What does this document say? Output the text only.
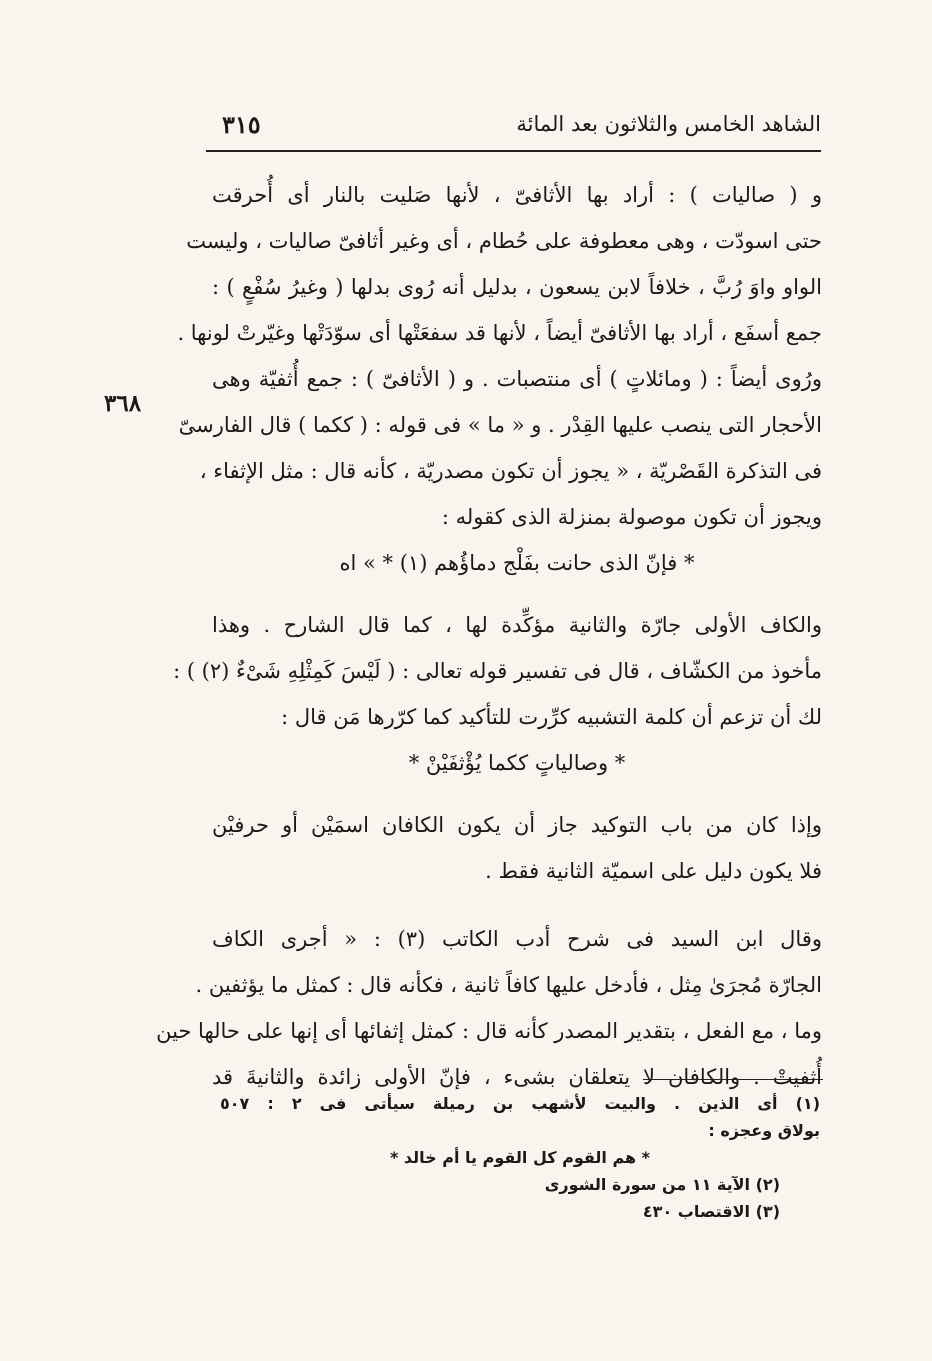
الشاهد الخامس والثلاثون بعد المائة
٣١٥
٣٦٨
و ( صاليات ) : أراد بها الأثافىّ ، لأنها صَليت بالنار أى أُحرقت
حتى اسودّت ، وهى معطوفة على حُطام ، أى وغير أثافىّ صاليات ، وليست
الواو واوَ رُبَّ ، خلافاً لابن يسعون ، بدليل أنه رُوى بدلها ( وغيرُ سُفْعٍ ) :
جمع أسفَع ، أراد بها الأثافىّ أيضاً ، لأنها قد سفعَتْها أى سوّدَتْها وغيّرتْ لونها .
ورُوى أيضاً : ( ومائلاتٍ ) أى منتصبات . و ( الأثافىّ ) : جمع أُثفيّة وهى
الأحجار التى ينصب عليها القِدْر . و « ما » فى قوله : ( ككما ) قال الفارسىّ
فى التذكرة القَصْريّة ، « يجوز أن تكون مصدريّة ، كأنه قال : مثل الإثفاء ،
ويجوز أن تكون موصولة بمنزلة الذى كقوله :
* فإنّ الذى حانت بفَلْج دماؤُهم (١) * » اه
والكاف الأولى جارّة والثانية مؤكِّدة لها ، كما قال الشارح . وهذا
مأخوذ من الكشّاف ، قال فى تفسير قوله تعالى : ( لَيْسَ كَمِثْلِهِ شَىْءٌ (٢) ) :
لك أن تزعم أن كلمة التشبيه كرِّرت للتأكيد كما كرّرها مَن قال :
* وصالياتٍ ككما يُؤْثفَيْنْ *
وإذا كان من باب التوكيد جاز أن يكون الكافان اسمَيْن أو حرفيْن
فلا يكون دليل على اسميّة الثانية فقط .
وقال ابن السيد فى شرح أدب الكاتب (٣) : « أجرى الكاف
الجارّة مُجرَىٰ مِثل ، فأدخل عليها كافاً ثانية ، فكأنه قال : كمثل ما يؤثفين .
وما ، مع الفعل ، بتقدير المصدر كأنه قال : كمثل إثفائها أى إنها على حالها حين
أُثفيتْ . والكافان لا يتعلقان بشىء ، فإنّ الأولى زائدة والثانيةَ قد
(١) أى الذين . والبيت لأشهب بن رميلة سيأتى فى ٢ : ٥٠٧
بولاق وعجزه :
* هم القوم كل القوم يا أم خالد *
(٢) الآية ١١ من سورة الشورى
(٣) الاقتصاب ٤٣٠
